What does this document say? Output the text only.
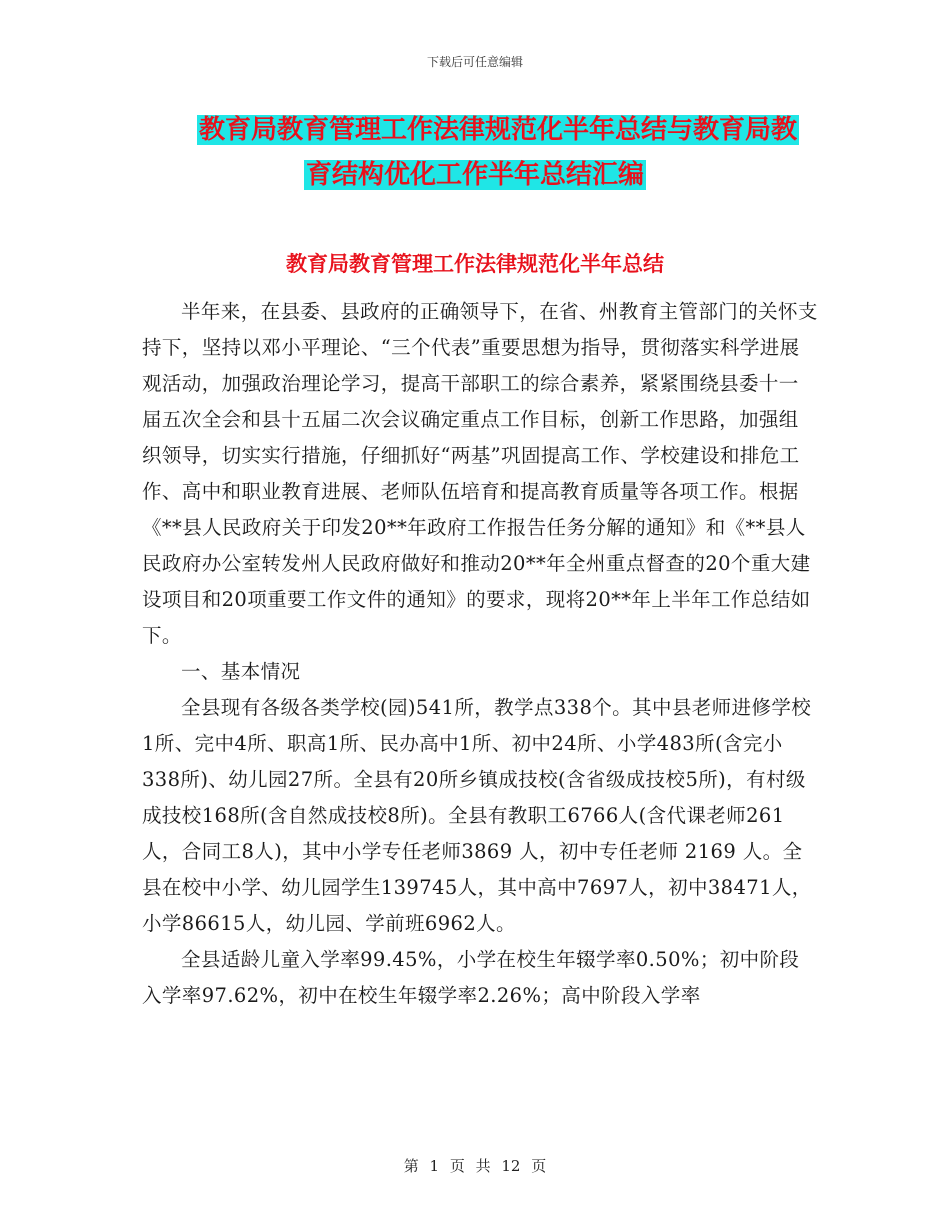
下载后可任意编辑
教育局教育管理工作法律规范化半年总结与教育局教
育结构优化工作半年总结汇编
教育局教育管理工作法律规范化半年总结

半年来，在县委、县政府的正确领导下，在省、州教育主管部门的关怀支持下，坚持以邓小平理论、“三个代表”重要思想为指导，贯彻落实科学进展观活动，加强政治理论学习，提高干部职工的综合素养，紧紧围绕县委十一届五次全会和县十五届二次会议确定重点工作目标，创新工作思路，加强组织领导，切实实行措施，仔细抓好“两基”巩固提高工作、学校建设和排危工作、高中和职业教育进展、老师队伍培育和提高教育质量等各项工作。根据《**县人民政府关于印发20**年政府工作报告任务分解的通知》和《**县人民政府办公室转发州人民政府做好和推动20**年全州重点督查的20个重大建设项目和20项重要工作文件的通知》的要求，现将20**年上半年工作总结如下。

一、基本情况

全县现有各级各类学校(园)541所，教学点338个。其中县老师进修学校1所、完中4所、职高1所、民办高中1所、初中24所、小学483所(含完小338所)、幼儿园27所。全县有20所乡镇成技校(含省级成技校5所)，有村级成技校168所(含自然成技校8所)。全县有教职工6766人(含代课老师261人，合同工8人)，其中小学专任老师3869 人，初中专任老师 2169 人。全县在校中小学、幼儿园学生139745人，其中高中7697人，初中38471人，小学86615人，幼儿园、学前班6962人。

全县适龄儿童入学率99.45%，小学在校生年辍学率0.50%；初中阶段入学率97.62%，初中在校生年辍学率2.26%；高中阶段入学率

第 1 页 共 12 页
